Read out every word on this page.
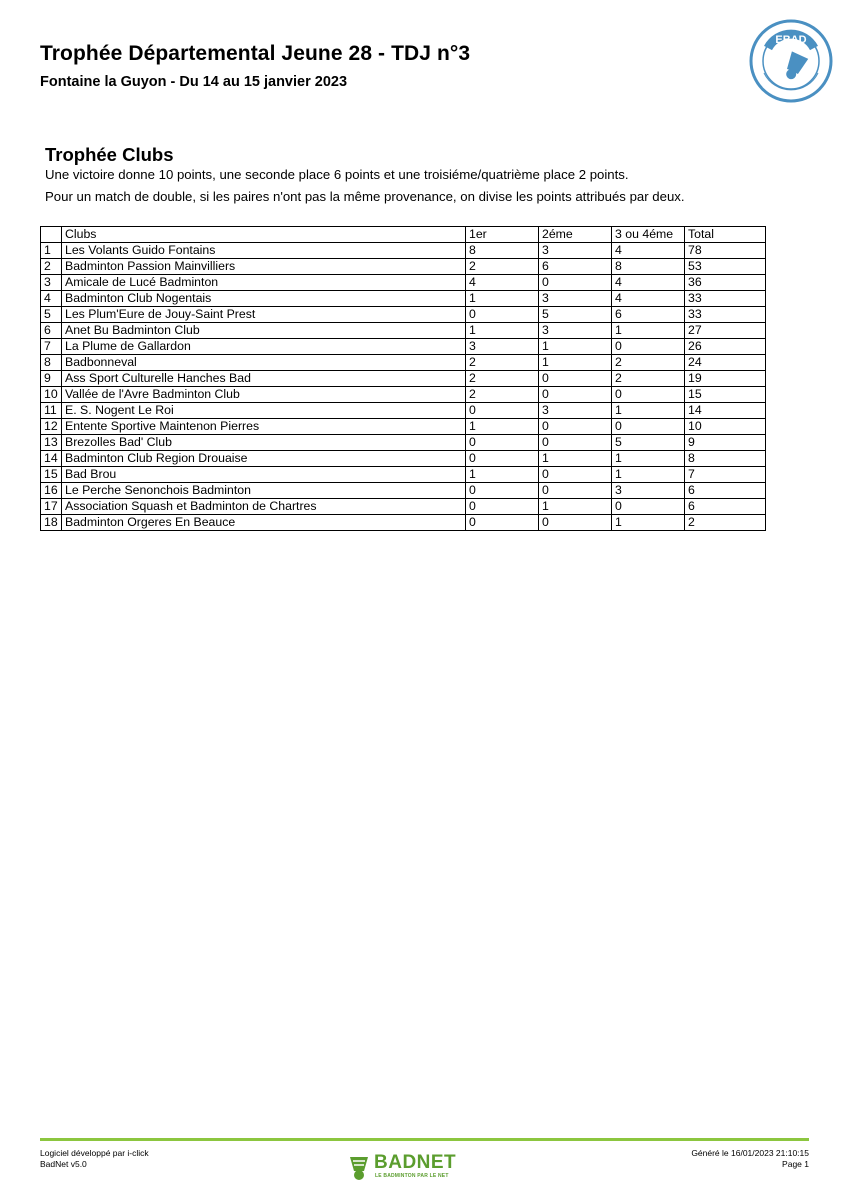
Trophée Départemental Jeune 28 - TDJ n°3
Fontaine la Guyon - Du 14 au 15 janvier 2023
EBAD
Trophée Clubs
Une victoire donne 10 points, une seconde place 6 points et une troisiéme/quatrième place 2 points.
Pour un match de double, si les paires n'ont pas la même provenance, on divise les points attribués par deux.
	Clubs	1er	2éme	3 ou 4éme	Total
1	Les Volants Guido Fontains	8	3	4	78
2	Badminton Passion Mainvilliers	2	6	8	53
3	Amicale de Lucé Badminton	4	0	4	36
4	Badminton Club Nogentais	1	3	4	33
5	Les Plum'Eure de Jouy-Saint Prest	0	5	6	33
6	Anet Bu Badminton Club	1	3	1	27
7	La Plume de Gallardon	3	1	0	26
8	Badbonneval	2	1	2	24
9	Ass Sport Culturelle Hanches Bad	2	0	2	19
10	Vallée de l'Avre Badminton Club	2	0	0	15
11	E. S. Nogent Le Roi	0	3	1	14
12	Entente Sportive Maintenon Pierres	1	0	0	10
13	Brezolles Bad' Club	0	0	5	9
14	Badminton Club Region Drouaise	0	1	1	8
15	Bad Brou	1	0	1	7
16	Le Perche Senonchois Badminton	0	0	3	6
17	Association Squash et Badminton de Chartres	0	1	0	6
18	Badminton Orgeres En Beauce	0	0	1	2
Logiciel développé par i-click
BadNet v5.0	BADNET
LE BADMINTON PAR LE NET
Généré le 16/01/2023 21:10:15
Page 1
